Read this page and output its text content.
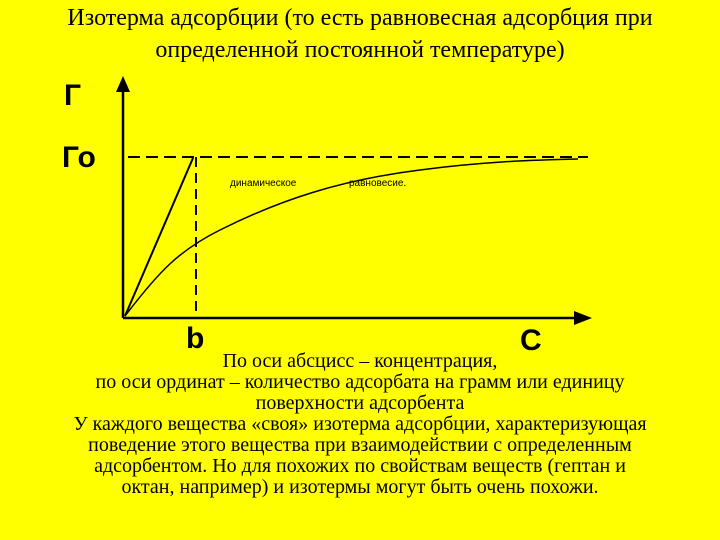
Изотерма адсорбции (то есть равновесная адсорбция при
определенной постоянной температуре)
Г
Го
b	С
динамическое	равновесие.
По оси абсцисс – концентрация,
по оси ординат – количество адсорбата на грамм или единицу
поверхности адсорбента
У каждого вещества «своя» изотерма адсорбции, характеризующая
поведение этого вещества при взаимодействии с определенным
адсорбентом. Но для похожих по свойствам веществ (гептан и
октан, например) и изотермы могут быть очень похожи.
